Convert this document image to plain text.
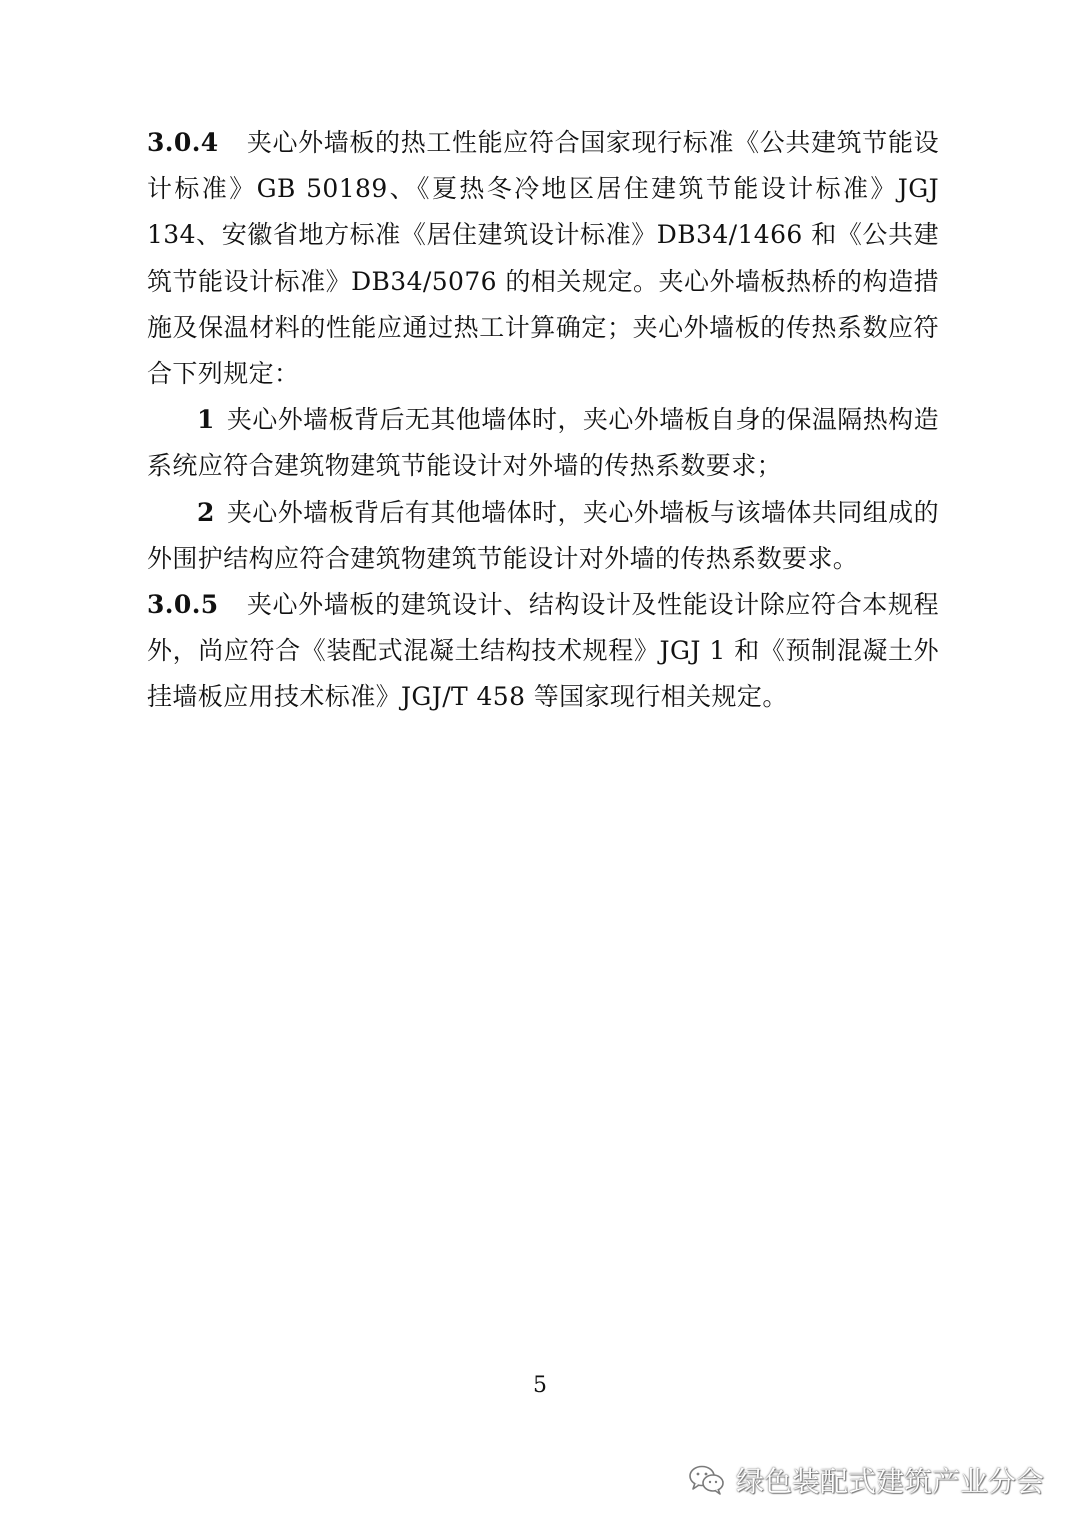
3.0.4 夹心外墙板的热工性能应符合国家现行标准《公共建筑节能设计标准》GB 50189、《夏热冬冷地区居住建筑节能设计标准》JGJ 134、安徽省地方标准《居住建筑设计标准》DB34/1466 和《公共建筑节能设计标准》DB34/5076 的相关规定。夹心外墙板热桥的构造措施及保温材料的性能应通过热工计算确定；夹心外墙板的传热系数应符合下列规定：

1 夹心外墙板背后无其他墙体时，夹心外墙板自身的保温隔热构造系统应符合建筑物建筑节能设计对外墙的传热系数要求；

2 夹心外墙板背后有其他墙体时，夹心外墙板与该墙体共同组成的外围护结构应符合建筑物建筑节能设计对外墙的传热系数要求。

3.0.5 夹心外墙板的建筑设计、结构设计及性能设计除应符合本规程外，尚应符合《装配式混凝土结构技术规程》JGJ 1 和《预制混凝土外挂墙板应用技术标准》JGJ/T 458 等国家现行相关规定。

5
绿色装配式建筑产业分会
